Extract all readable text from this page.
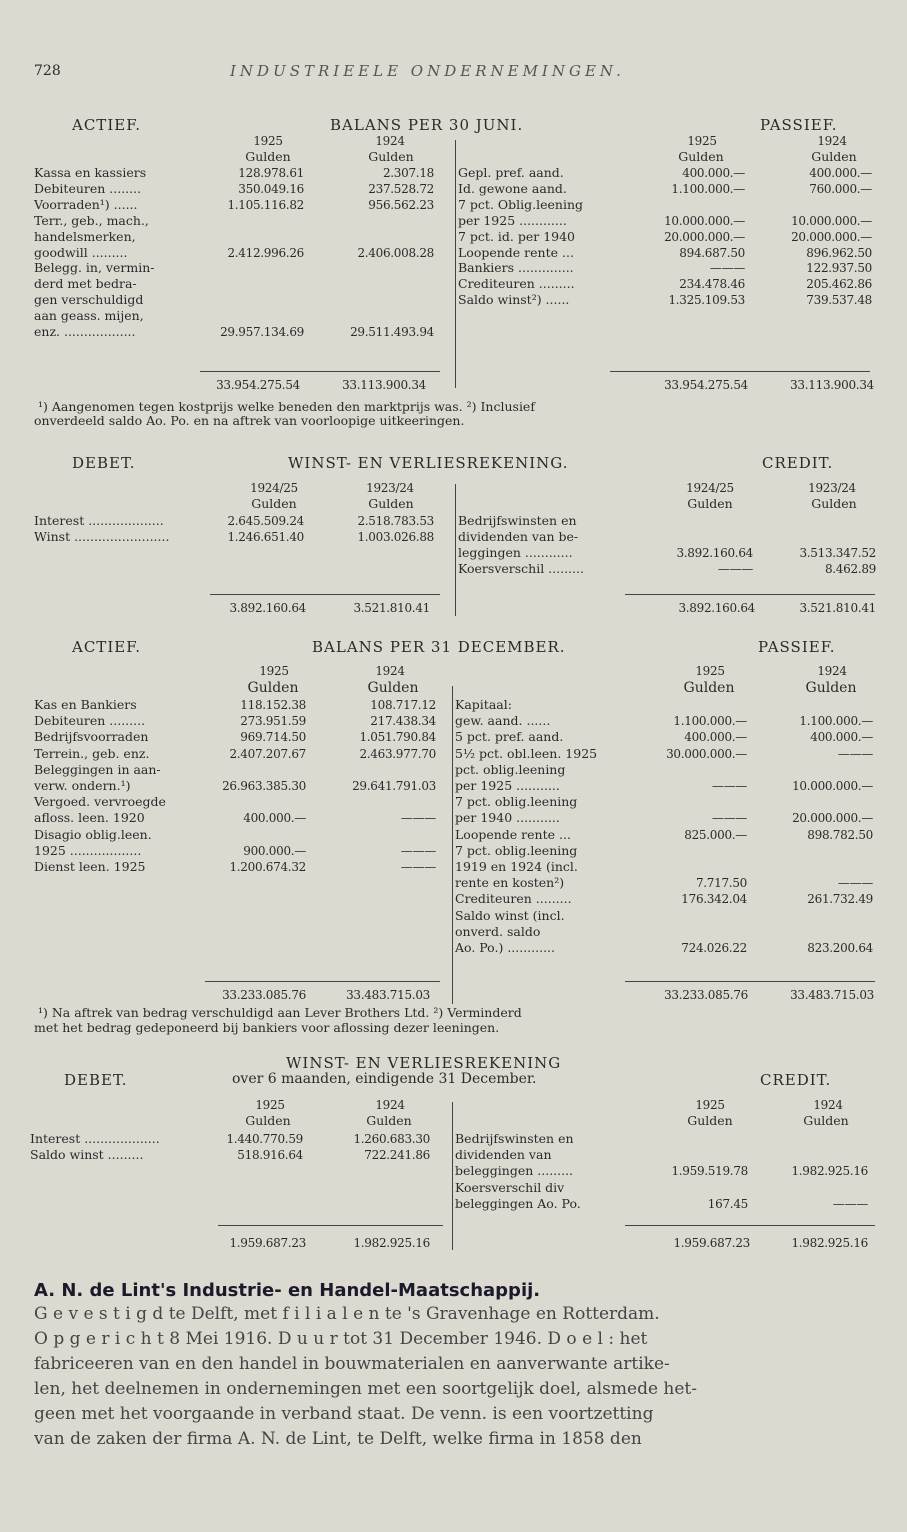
728	INDUSTRIEELE ONDERNEMINGEN.
ACTIEF.	BALANS PER 30 JUNI.	PASSIEF.
1925	1924
Gulden	Gulden
1925	1924
Gulden	Gulden
Kassa en kassiers	128.978.61	2.307.18
Debiteuren ........	350.049.16	237.528.72
Voorraden¹) ......	1.105.116.82	956.562.23
Terr., geb., mach.,
handelsmerken,
goodwill .........	2.412.996.26	2.406.008.28
Belegg. in, vermin-
derd met bedra-
gen verschuldigd
aan geass. mijen,
enz. ..................	29.957.134.69	29.511.493.94
Gepl. pref. aand.	400.000.—	400.000.—
Id. gewone aand.	1.100.000.—	760.000.—
7 pct. Oblig.leening
per 1925 ............	10.000.000.—	10.000.000.—
7 pct. id. per 1940	20.000.000.—	20.000.000.—
Loopende rente ...	894.687.50	896.962.50
Bankiers ..............	———	122.937.50
Crediteuren .........	234.478.46	205.462.86
Saldo winst²) ......	1.325.109.53	739.537.48
33.954.275.54	33.113.900.34	33.954.275.54	33.113.900.34
¹) Aangenomen tegen kostprijs welke beneden den marktprijs was. ²) Inclusief
onverdeeld saldo Ao. Po. en na aftrek van voorloopige uitkeeringen.
DEBET.	WINST- EN VERLIESREKENING.	CREDIT.
1924/25	1923/24
Gulden	Gulden
1924/25	1923/24
Gulden	Gulden
Interest ...................	2.645.509.24	2.518.783.53
Winst ........................	1.246.651.40	1.003.026.88
Bedrijfswinsten en
dividenden van be-
leggingen ............	3.892.160.64	3.513.347.52
Koersverschil .........	———	8.462.89
3.892.160.64	3.521.810.41	3.892.160.64	3.521.810.41
ACTIEF.	BALANS PER 31 DECEMBER.	PASSIEF.
1925	1924
Gulden	Gulden
1925	1924
Gulden	Gulden
Kas en Bankiers	118.152.38	108.717.12
Debiteuren .........	273.951.59	217.438.34
Bedrijfsvoorraden	969.714.50	1.051.790.84
Terrein., geb. enz.	2.407.207.67	2.463.977.70
Beleggingen in aan-
verw. ondern.¹)	26.963.385.30	29.641.791.03
Vergoed. vervroegde
afloss. leen. 1920	400.000.—	———
Disagio oblig.leen.
1925 ..................	900.000.—	———
Dienst leen. 1925	1.200.674.32	———
Kapitaal:
gew. aand. ......	1.100.000.—	1.100.000.—
5 pct. pref. aand.	400.000.—	400.000.—
5½ pct. obl.leen. 1925	30.000.000.—	———
pct. oblig.leening
per 1925 ...........	———	10.000.000.—
7 pct. oblig.leening
per 1940 ...........	———	20.000.000.—
Loopende rente ...	825.000.—	898.782.50
7 pct. oblig.leening
1919 en 1924 (incl.
rente en kosten²)	7.717.50	———
Crediteuren .........	176.342.04	261.732.49
Saldo winst (incl.
onverd. saldo
Ao. Po.) ............	724.026.22	823.200.64
33.233.085.76	33.483.715.03	33.233.085.76	33.483.715.03
¹) Na aftrek van bedrag verschuldigd aan Lever Brothers Ltd. ²) Verminderd
met het bedrag gedeponeerd bij bankiers voor aflossing dezer leeningen.
WINST- EN VERLIESREKENING
DEBET.	over 6 maanden, eindigende 31 December.	CREDIT.
1925	1924
Gulden	Gulden
1925	1924
Gulden	Gulden
Interest ...................	1.440.770.59	1.260.683.30
Saldo winst .........	518.916.64	722.241.86
Bedrijfswinsten en
dividenden van
beleggingen .........	1.959.519.78	1.982.925.16
Koersverschil div
beleggingen Ao. Po.	167.45	———
1.959.687.23	1.982.925.16	1.959.687.23	1.982.925.16
A. N. de Lint's Industrie- en Handel-Maatschappij.
G e v e s t i g d te Delft, met f i l i a l e n te 's Gravenhage en Rotterdam.
O p g e r i c h t 8 Mei 1916. D u u r tot 31 December 1946. D o e l : het
fabriceeren van en den handel in bouwmaterialen en aanverwante artike-
len, het deelnemen in ondernemingen met een soortgelijk doel, alsmede het-
geen met het voorgaande in verband staat. De venn. is een voortzetting
van de zaken der firma A. N. de Lint, te Delft, welke firma in 1858 den
